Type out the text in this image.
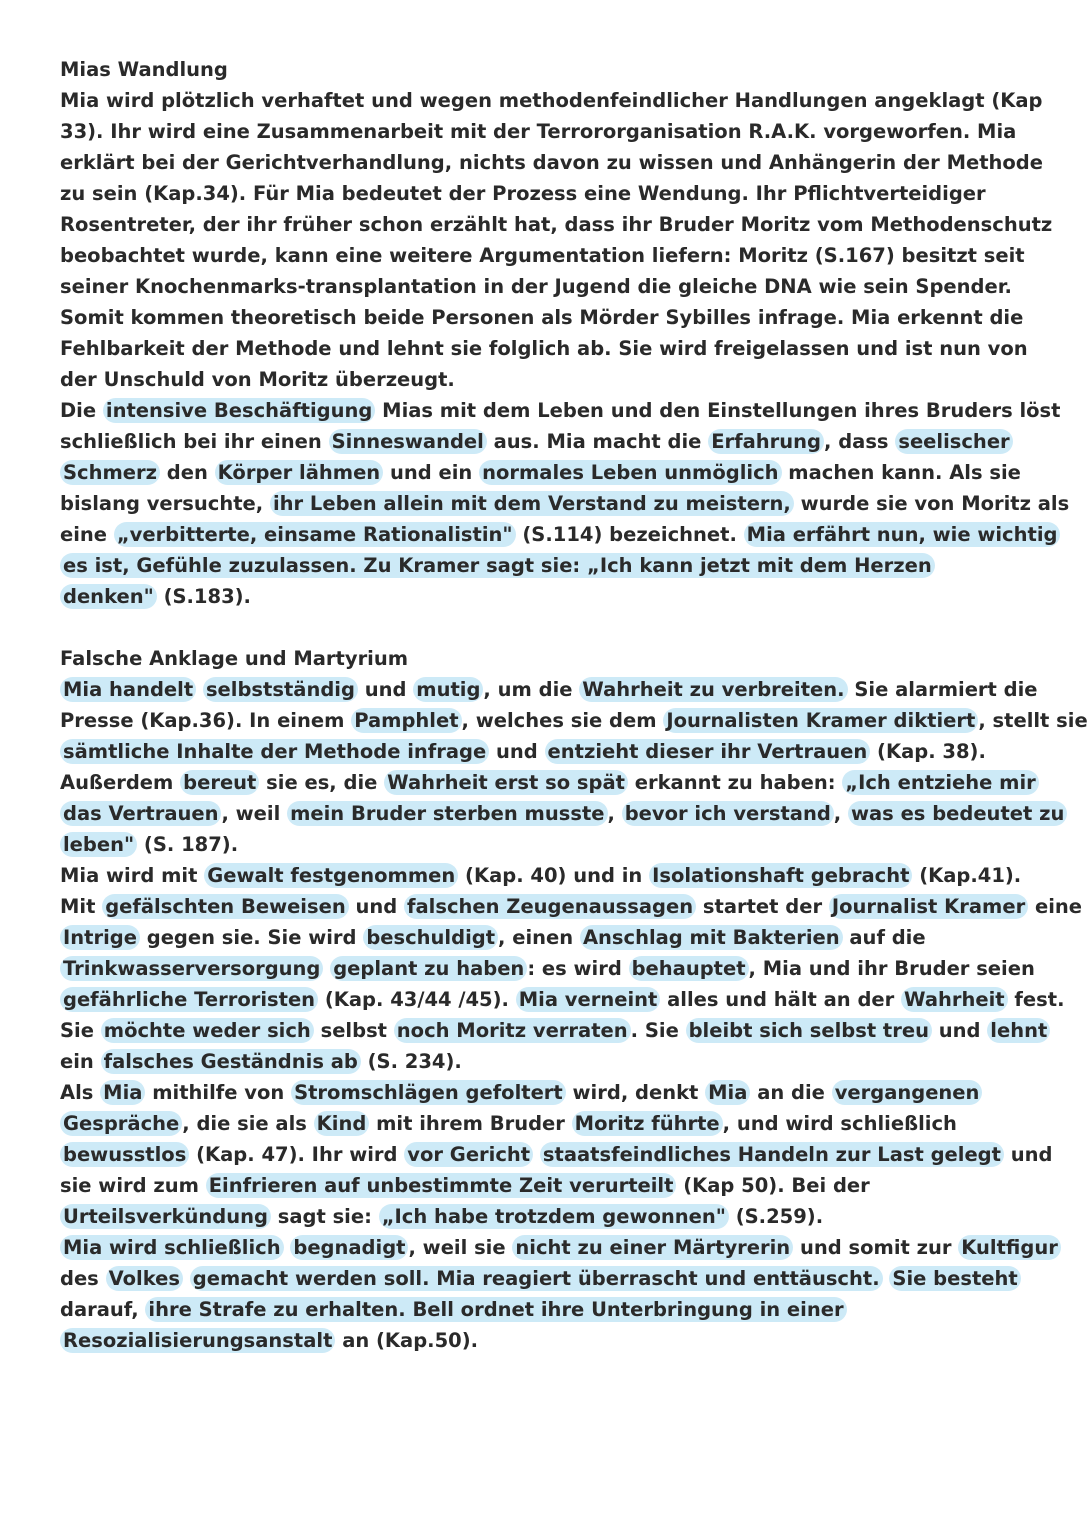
Mias Wandlung
Mia wird plötzlich verhaftet und wegen methodenfeindlicher Handlungen angeklagt (Kap
33). Ihr wird eine Zusammenarbeit mit der Terrororganisation R.A.K. vorgeworfen. Mia
erklärt bei der Gerichtverhandlung, nichts davon zu wissen und Anhängerin der Methode
zu sein (Kap.34). Für Mia bedeutet der Prozess eine Wendung. Ihr Pflichtverteidiger
Rosentreter, der ihr früher schon erzählt hat, dass ihr Bruder Moritz vom Methodenschutz
beobachtet wurde, kann eine weitere Argumentation liefern: Moritz (S.167) besitzt seit
seiner Knochenmarks-transplantation in der Jugend die gleiche DNA wie sein Spender.
Somit kommen theoretisch beide Personen als Mörder Sybilles infrage. Mia erkennt die
Fehlbarkeit der Methode und lehnt sie folglich ab. Sie wird freigelassen und ist nun von
der Unschuld von Moritz überzeugt.
Die intensive Beschäftigung Mias mit dem Leben und den Einstellungen ihres Bruders löst
schließlich bei ihr einen Sinneswandel aus. Mia macht die Erfahrung , dass seelischer
Schmerz den Körper lähmen und ein normales Leben unmöglich machen kann. Als sie
bislang versuchte, ihr Leben allein mit dem Verstand zu meistern, wurde sie von Moritz als
eine „verbitterte, einsame Rationalistin" (S.114) bezeichnet. Mia erfährt nun, wie wichtig
es ist, Gefühle zuzulassen. Zu Kramer sagt sie: „Ich kann jetzt mit dem Herzen
denken" (S.183).
Falsche Anklage und Martyrium
Mia handelt selbstständig und mutig , um die Wahrheit zu verbreiten. Sie alarmiert die
Presse (Kap.36). In einem Pamphlet , welches sie dem Journalisten Kramer diktiert , stellt sie
sämtliche Inhalte der Methode infrage und entzieht dieser ihr Vertrauen (Kap. 38).
Außerdem bereut sie es, die Wahrheit erst so spät erkannt zu haben: „Ich entziehe mir
das Vertrauen , weil mein Bruder sterben musste , bevor ich verstand , was es bedeutet zu
leben" (S. 187).
Mia wird mit Gewalt festgenommen (Kap. 40) und in Isolationshaft gebracht (Kap.41).
Mit gefälschten Beweisen und falschen Zeugenaussagen startet der Journalist Kramer eine
Intrige gegen sie. Sie wird beschuldigt , einen Anschlag mit Bakterien auf die
Trinkwasserversorgung geplant zu haben : es wird behauptet , Mia und ihr Bruder seien
gefährliche Terroristen (Kap. 43/44 /45). Mia verneint alles und hält an der Wahrheit fest.
Sie möchte weder sich selbst noch Moritz verraten . Sie bleibt sich selbst treu und lehnt
ein falsches Geständnis ab (S. 234).
Als Mia mithilfe von Stromschlägen gefoltert wird, denkt Mia an die vergangenen
Gespräche , die sie als Kind mit ihrem Bruder Moritz führte , und wird schließlich
bewusstlos (Kap. 47). Ihr wird vor Gericht staatsfeindliches Handeln zur Last gelegt und
sie wird zum Einfrieren auf unbestimmte Zeit verurteilt (Kap 50). Bei der
Urteilsverkündung sagt sie: „Ich habe trotzdem gewonnen" (S.259).
Mia wird schließlich begnadigt , weil sie nicht zu einer Märtyrerin und somit zur Kultfigur
des Volkes gemacht werden soll. Mia reagiert überrascht und enttäuscht. Sie besteht
darauf, ihre Strafe zu erhalten. Bell ordnet ihre Unterbringung in einer
Resozialisierungsanstalt an (Kap.50).
